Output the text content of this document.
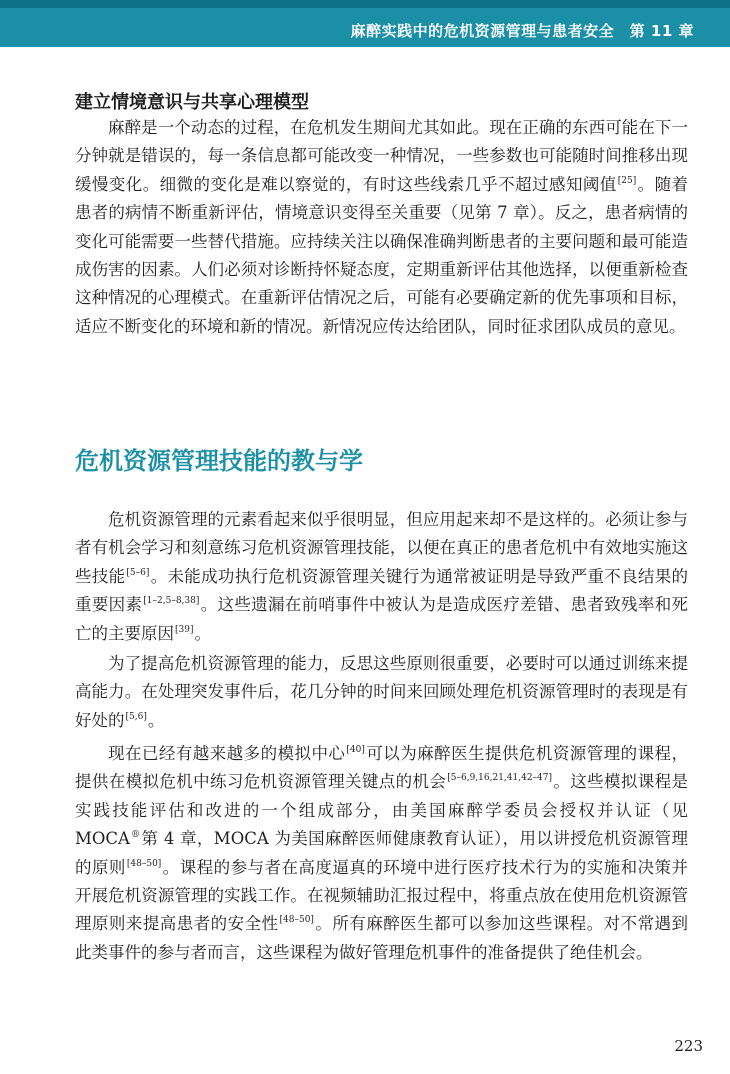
麻醉实践中的危机资源管理与患者安全　第 11 章
建立情境意识与共享心理模型

麻醉是一个动态的过程，在危机发生期间尤其如此。现在正确的东西可能在下一分钟就是错误的，每一条信息都可能改变一种情况，一些参数也可能随时间推移出现缓慢变化。细微的变化是难以察觉的，有时这些线索几乎不超过感知阈值[25]。随着患者的病情不断重新评估，情境意识变得至关重要（见第 7 章）。反之，患者病情的变化可能需要一些替代措施。应持续关注以确保准确判断患者的主要问题和最可能造成伤害的因素。人们必须对诊断持怀疑态度，定期重新评估其他选择，以便重新检查这种情况的心理模式。在重新评估情况之后，可能有必要确定新的优先事项和目标，适应不断变化的环境和新的情况。新情况应传达给团队，同时征求团队成员的意见。

危机资源管理技能的教与学

危机资源管理的元素看起来似乎很明显，但应用起来却不是这样的。必须让参与者有机会学习和刻意练习危机资源管理技能，以便在真正的患者危机中有效地实施这些技能[5–6]。未能成功执行危机资源管理关键行为通常被证明是导致严重不良结果的重要因素[1–2,5–8,38]。这些遗漏在前哨事件中被认为是造成医疗差错、患者致残率和死亡的主要原因[39]。

为了提高危机资源管理的能力，反思这些原则很重要，必要时可以通过训练来提高能力。在处理突发事件后，花几分钟的时间来回顾处理危机资源管理时的表现是有好处的[5,6]。

现在已经有越来越多的模拟中心[40]可以为麻醉医生提供危机资源管理的课程，提供在模拟危机中练习危机资源管理关键点的机会[5–6,9,16,21,41,42–47]。这些模拟课程是实践技能评估和改进的一个组成部分，由美国麻醉学委员会授权并认证（见 MOCA®第 4 章，MOCA 为美国麻醉医师健康教育认证），用以讲授危机资源管理的原则[48–50]。课程的参与者在高度逼真的环境中进行医疗技术行为的实施和决策并开展危机资源管理的实践工作。在视频辅助汇报过程中，将重点放在使用危机资源管理原则来提高患者的安全性[48–50]。所有麻醉医生都可以参加这些课程。对不常遇到此类事件的参与者而言，这些课程为做好管理危机事件的准备提供了绝佳机会。

223
